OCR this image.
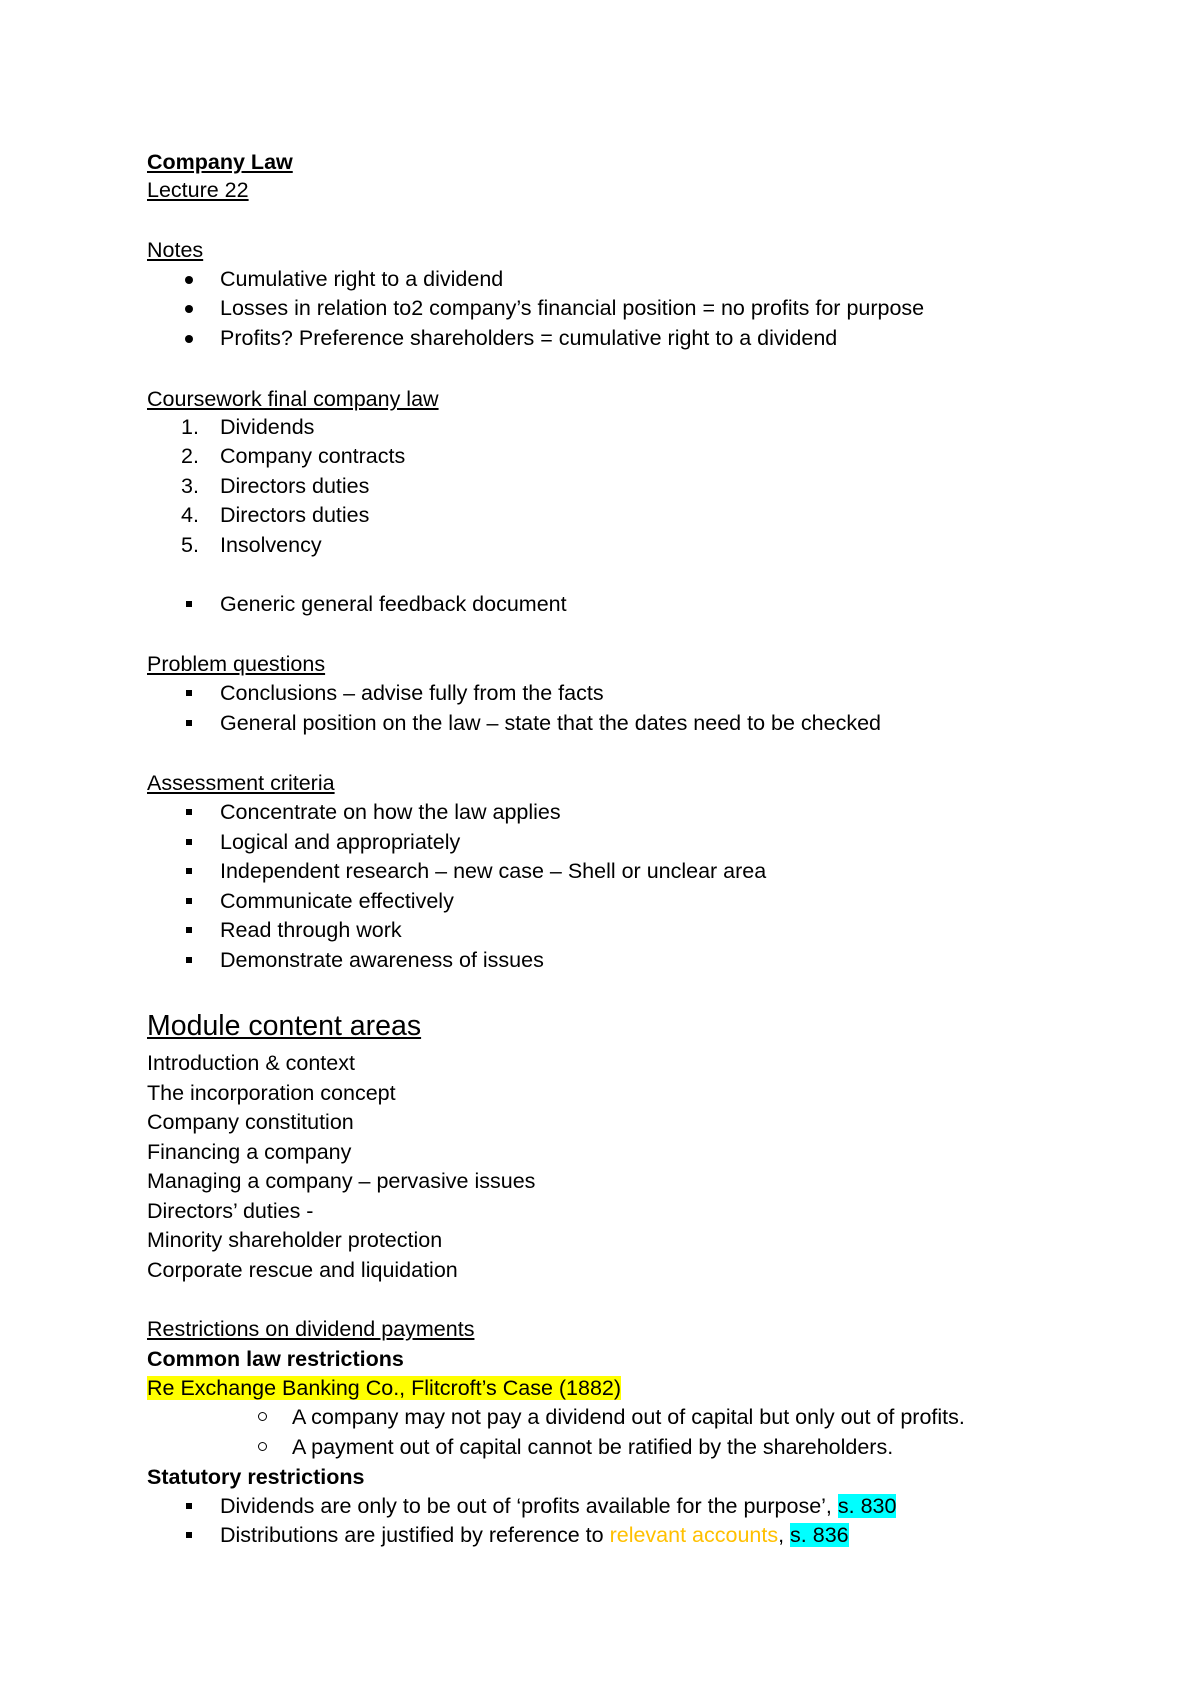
Company Law
Lecture 22
Notes
Cumulative right to a dividend
Losses in relation to2 company’s financial position = no profits for purpose
Profits? Preference shareholders = cumulative right to a dividend
Coursework final company law
1. Dividends
2. Company contracts
3. Directors duties
4. Directors duties
5. Insolvency
Generic general feedback document
Problem questions
Conclusions – advise fully from the facts
General position on the law – state that the dates need to be checked
Assessment criteria
Concentrate on how the law applies
Logical and appropriately
Independent research – new case – Shell or unclear area
Communicate effectively
Read through work
Demonstrate awareness of issues
Module content areas
Introduction & context
The incorporation concept
Company constitution
Financing a company
Managing a company – pervasive issues
Directors’ duties -
Minority shareholder protection
Corporate rescue and liquidation
Restrictions on dividend payments
Common law restrictions
Re Exchange Banking Co., Flitcroft’s Case (1882)
A company may not pay a dividend out of capital but only out of profits.
A payment out of capital cannot be ratified by the shareholders.
Statutory restrictions
Dividends are only to be out of ‘profits available for the purpose’, s. 830
Distributions are justified by reference to relevant accounts, s. 836
